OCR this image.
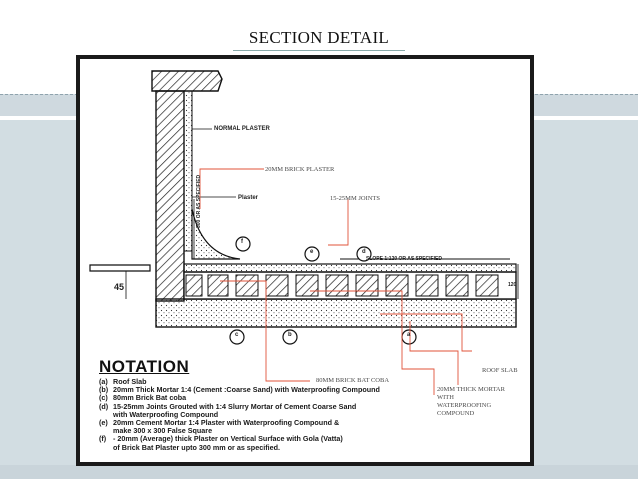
SECTION DETAIL
NORMAL PLASTER
Plaster
300 OR AS SPECIFIED
SLOPE 1:120 OR AS SPECIFIED
45	120
f
e	d
c	b	a
20MM BRICK PLASTER
15-25MM JOINTS
ROOF SLAB
80MM BRICK BAT COBA
20MM THICK MORTAR
WITH
WATERPROOFING
COMPOUND
NOTATION
(a) Roof Slab
(b) 20mm Thick Mortar 1:4 (Cement :Coarse Sand) with Waterproofing Compound
(c) 80mm Brick Bat coba
(d) 15-25mm Joints Grouted with 1:4 Slurry Mortar of Cement Coarse Sand
with Waterproofing Compound
(e) 20mm Cement Mortar 1:4 Plaster with Waterproofing Compound &
make 300 x 300 False Square
(f) - 20mm (Average) thick Plaster on Vertical Surface with Gola (Vatta)
of Brick Bat Plaster upto 300 mm or as specified.
